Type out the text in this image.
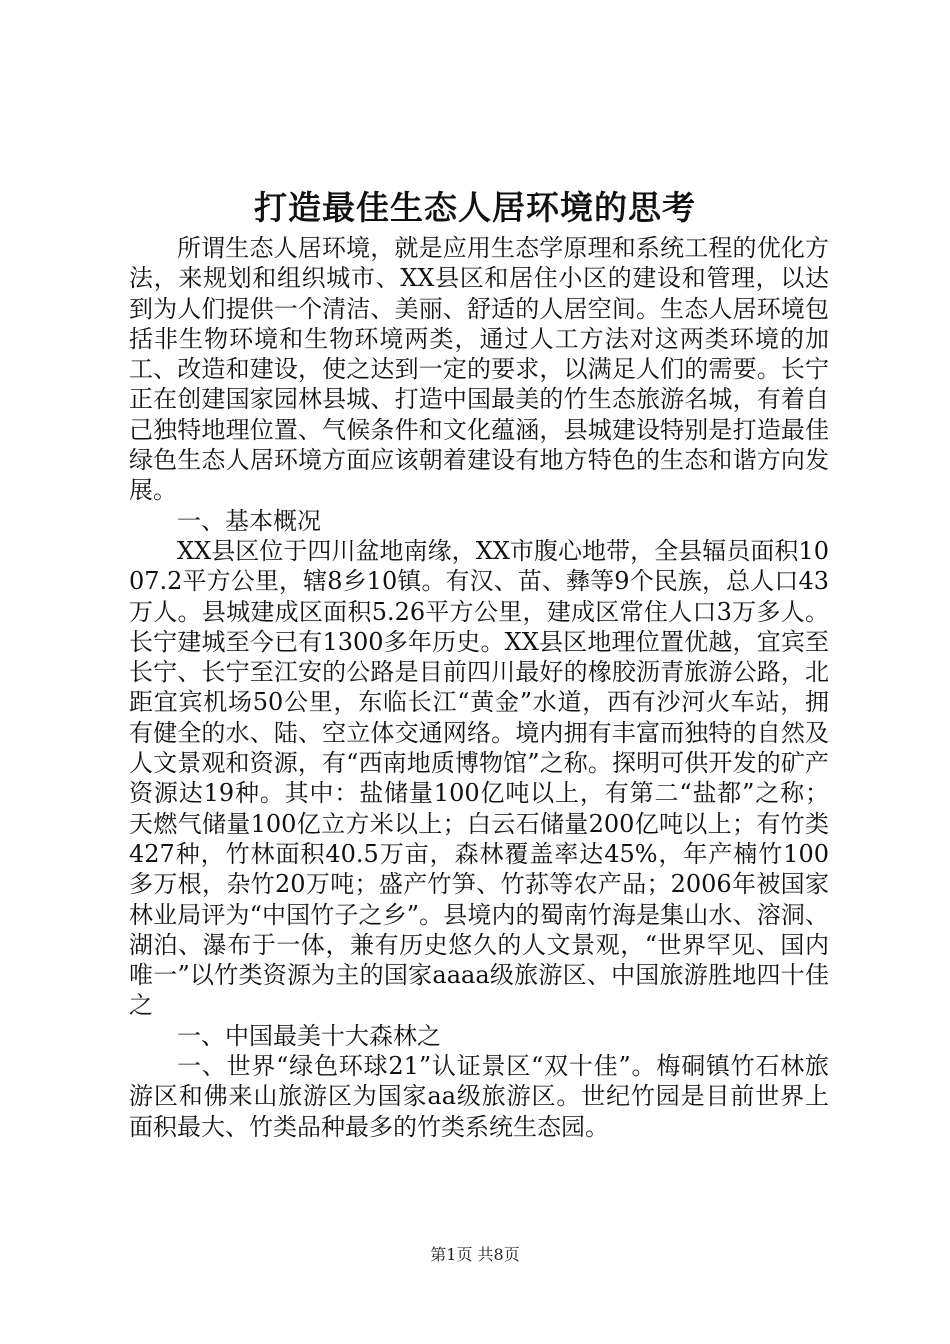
打造最佳生态人居环境的思考

所谓生态人居环境，就是应用生态学原理和系统工程的优化方法，来规划和组织城市、XX县区和居住小区的建设和管理，以达到为人们提供一个清洁、美丽、舒适的人居空间。生态人居环境包括非生物环境和生物环境两类，通过人工方法对这两类环境的加工、改造和建设，使之达到一定的要求，以满足人们的需要。长宁正在创建国家园林县城、打造中国最美的竹生态旅游名城，有着自己独特地理位置、气候条件和文化蕴涵，县城建设特别是打造最佳绿色生态人居环境方面应该朝着建设有地方特色的生态和谐方向发展。

一、基本概况

XX县区位于四川盆地南缘，XX市腹心地带，全县辐员面积1007.2平方公里，辖8乡10镇。有汉、苗、彝等9个民族，总人口43万人。县城建成区面积5.26平方公里，建成区常住人口3万多人。长宁建城至今已有1300多年历史。XX县区地理位置优越，宜宾至长宁、长宁至江安的公路是目前四川最好的橡胶沥青旅游公路，北距宜宾机场50公里，东临长江“黄金”水道，西有沙河火车站，拥有健全的水、陆、空立体交通网络。境内拥有丰富而独特的自然及人文景观和资源，有“西南地质博物馆”之称。探明可供开发的矿产资源达19种。其中：盐储量100亿吨以上，有第二“盐都”之称；天燃气储量100亿立方米以上；白云石储量200亿吨以上；有竹类427种，竹林面积40.5万亩，森林覆盖率达45%，年产楠竹100多万根，杂竹20万吨；盛产竹笋、竹荪等农产品；2006年被国家林业局评为“中国竹子之乡”。县境内的蜀南竹海是集山水、溶洞、湖泊、瀑布于一体，兼有历史悠久的人文景观，“世界罕见、国内唯一”以竹类资源为主的国家aaaa级旅游区、中国旅游胜地四十佳之

一、中国最美十大森林之

一、世界“绿色环球21”认证景区“双十佳”。梅硐镇竹石林旅游区和佛来山旅游区为国家aa级旅游区。世纪竹园是目前世界上面积最大、竹类品种最多的竹类系统生态园。

第1页 共8页
